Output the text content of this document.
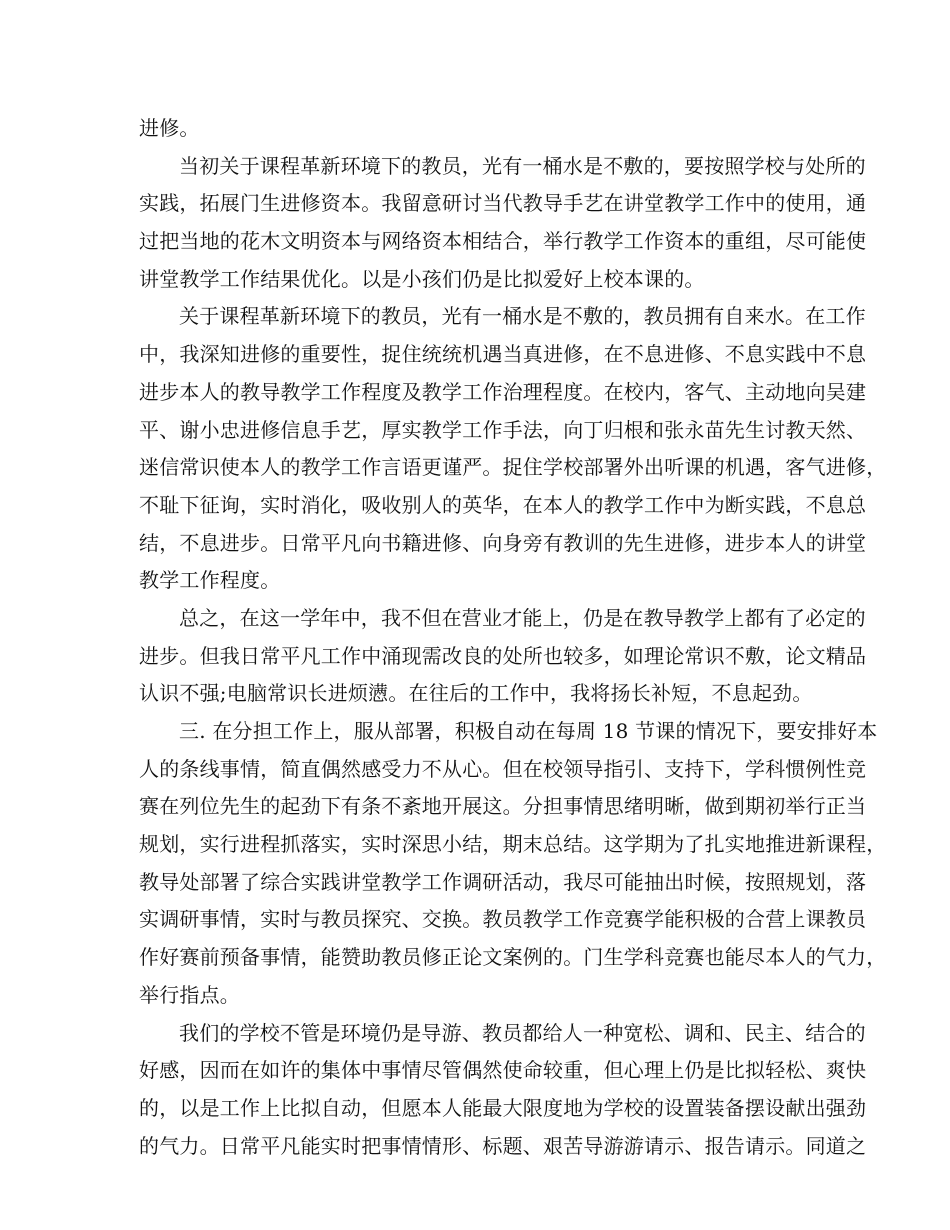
进修。
当初关于课程革新环境下的教员，光有一桶水是不敷的，要按照学校与处所的
实践，拓展门生进修资本。我留意研讨当代教导手艺在讲堂教学工作中的使用，通
过把当地的花木文明资本与网络资本相结合，举行教学工作资本的重组，尽可能使
讲堂教学工作结果优化。以是小孩们仍是比拟爱好上校本课的。
关于课程革新环境下的教员，光有一桶水是不敷的，教员拥有自来水。在工作
中，我深知进修的重要性，捉住统统机遇当真进修，在不息进修、不息实践中不息
进步本人的教导教学工作程度及教学工作治理程度。在校内，客气、主动地向吴建
平、谢小忠进修信息手艺，厚实教学工作手法，向丁归根和张永苗先生讨教天然、
迷信常识使本人的教学工作言语更谨严。捉住学校部署外出听课的机遇，客气进修，
不耻下征询，实时消化，吸收别人的英华，在本人的教学工作中为断实践，不息总
结，不息进步。日常平凡向书籍进修、向身旁有教训的先生进修，进步本人的讲堂
教学工作程度。
总之，在这一学年中，我不但在营业才能上，仍是在教导教学上都有了必定的
进步。但我日常平凡工作中涌现需改良的处所也较多，如理论常识不敷，论文精品
认识不强;电脑常识长进烦懑。在往后的工作中，我将扬长补短，不息起劲。
三. 在分担工作上，服从部署，积极自动在每周 18 节课的情况下，要安排好本
人的条线事情，简直偶然感受力不从心。但在校领导指引、支持下，学科惯例性竞
赛在列位先生的起劲下有条不紊地开展这。分担事情思绪明晰，做到期初举行正当
规划，实行进程抓落实，实时深思小结，期末总结。这学期为了扎实地推进新课程，
教导处部署了综合实践讲堂教学工作调研活动，我尽可能抽出时候，按照规划，落
实调研事情，实时与教员探究、交换。教员教学工作竞赛学能积极的合营上课教员
作好赛前预备事情，能赞助教员修正论文案例的。门生学科竞赛也能尽本人的气力，
举行指点。
我们的学校不管是环境仍是导游、教员都给人一种宽松、调和、民主、结合的
好感，因而在如许的集体中事情尽管偶然使命较重，但心理上仍是比拟轻松、爽快
的，以是工作上比拟自动，但愿本人能最大限度地为学校的设置装备摆设献出强劲
的气力。日常平凡能实时把事情情形、标题、艰苦导游游请示、报告请示。同道之
